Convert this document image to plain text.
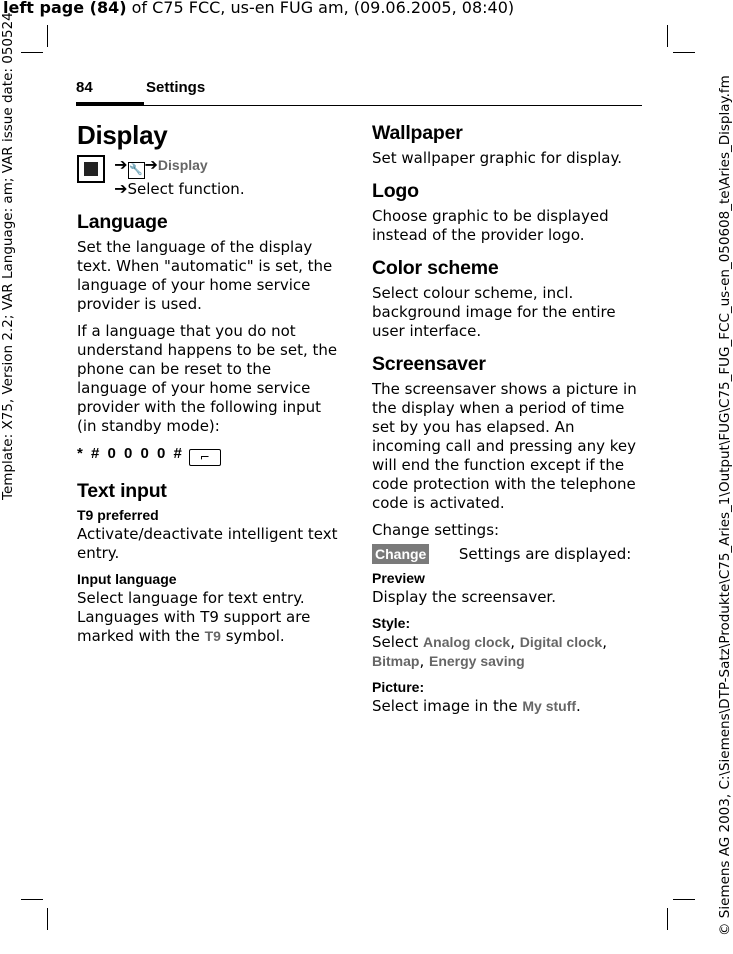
left page (84) of C75 FCC, us-en FUG am, (09.06.2005, 08:40)
Template: X75, Version 2.2; VAR Language: am; VAR issue date: 050524	© Siemens AG 2003, C:\Siemens\DTP-Satz\Produkte\C75_Aries_1\Output\FUG\C75_FUG_FCC_us-en_050608_te\Aries_Display.fm
84	Settings
Display
➔ 🔧 ➔Display
➔Select function.
Language

Set the language of the display text. When "automatic" is set, the language of your home service provider is used.

If a language that you do not understand happens to be set, the phone can be reset to the language of your home service provider with the following input (in standby mode):

* # 0 0 0 0 # ⌐

Text input
T9 preferred

Activate/deactivate intelligent text entry.

Input language

Select language for text entry. Languages with T9 support are marked with the T9 symbol.

Wallpaper

Set wallpaper graphic for display.

Logo

Choose graphic to be displayed instead of the provider logo.

Color scheme

Select colour scheme, incl. background image for the entire user interface.

Screensaver

The screensaver shows a picture in the display when a period of time set by you has elapsed. An incoming call and pressing any key will end the function except if the code protection with the telephone code is activated.

Change settings:

Change Settings are displayed:

Preview

Display the screensaver.

Style:

Select Analog clock, Digital clock, Bitmap, Energy saving

Picture:

Select image in the My stuff.
